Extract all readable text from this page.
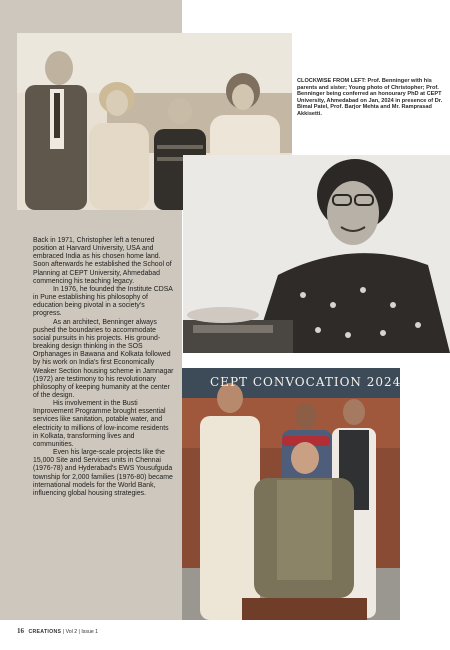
CLOCKWISE FROM LEFT: Prof. Benninger with his parents and sister; Young photo of Christopher; Prof. Benninger being conferred an honourary PhD at CEPT University, Ahmedabad on Jan, 2024 in presence of Dr. Bimal Patel, Prof. Barjor Mehta and Mr. Ramprasad Akkisetti.
CEPT CONVOCATION 2024

Back in 1971, Christopher left a tenured position at Harvard University, USA and embraced India as his chosen home land. Soon afterwards he established the School of Planning at CEPT University, Ahmedabad commencing his teaching legacy.

In 1976, he founded the Institute CDSA in Pune establishing his philosophy of education being pivotal in a society's progress.

As an architect, Benninger always pushed the boundaries to accommodate social pursuits in his projects. His ground-breaking design thinking in the SOS Orphanages in Bawana and Kolkata followed by his work on India's first Economically Weaker Section housing scheme in Jamnagar (1972) are testimony to his revolutionary philosophy of keeping humanity at the center of the design.

His involvement in the Busti Improvement Programme brought essential services like sanitation, potable water, and electricity to millions of low-income residents in Kolkata, transforming lives and communities.

Even his large-scale projects like the 15,000 Site and Services units in Chennai (1976-78) and Hyderabad's EWS Yousufguda township for 2,000 families (1976-80) became international models for the World Bank, influencing global housing strategies.

16 CREATIONS | Vol 2 | Issue 1
